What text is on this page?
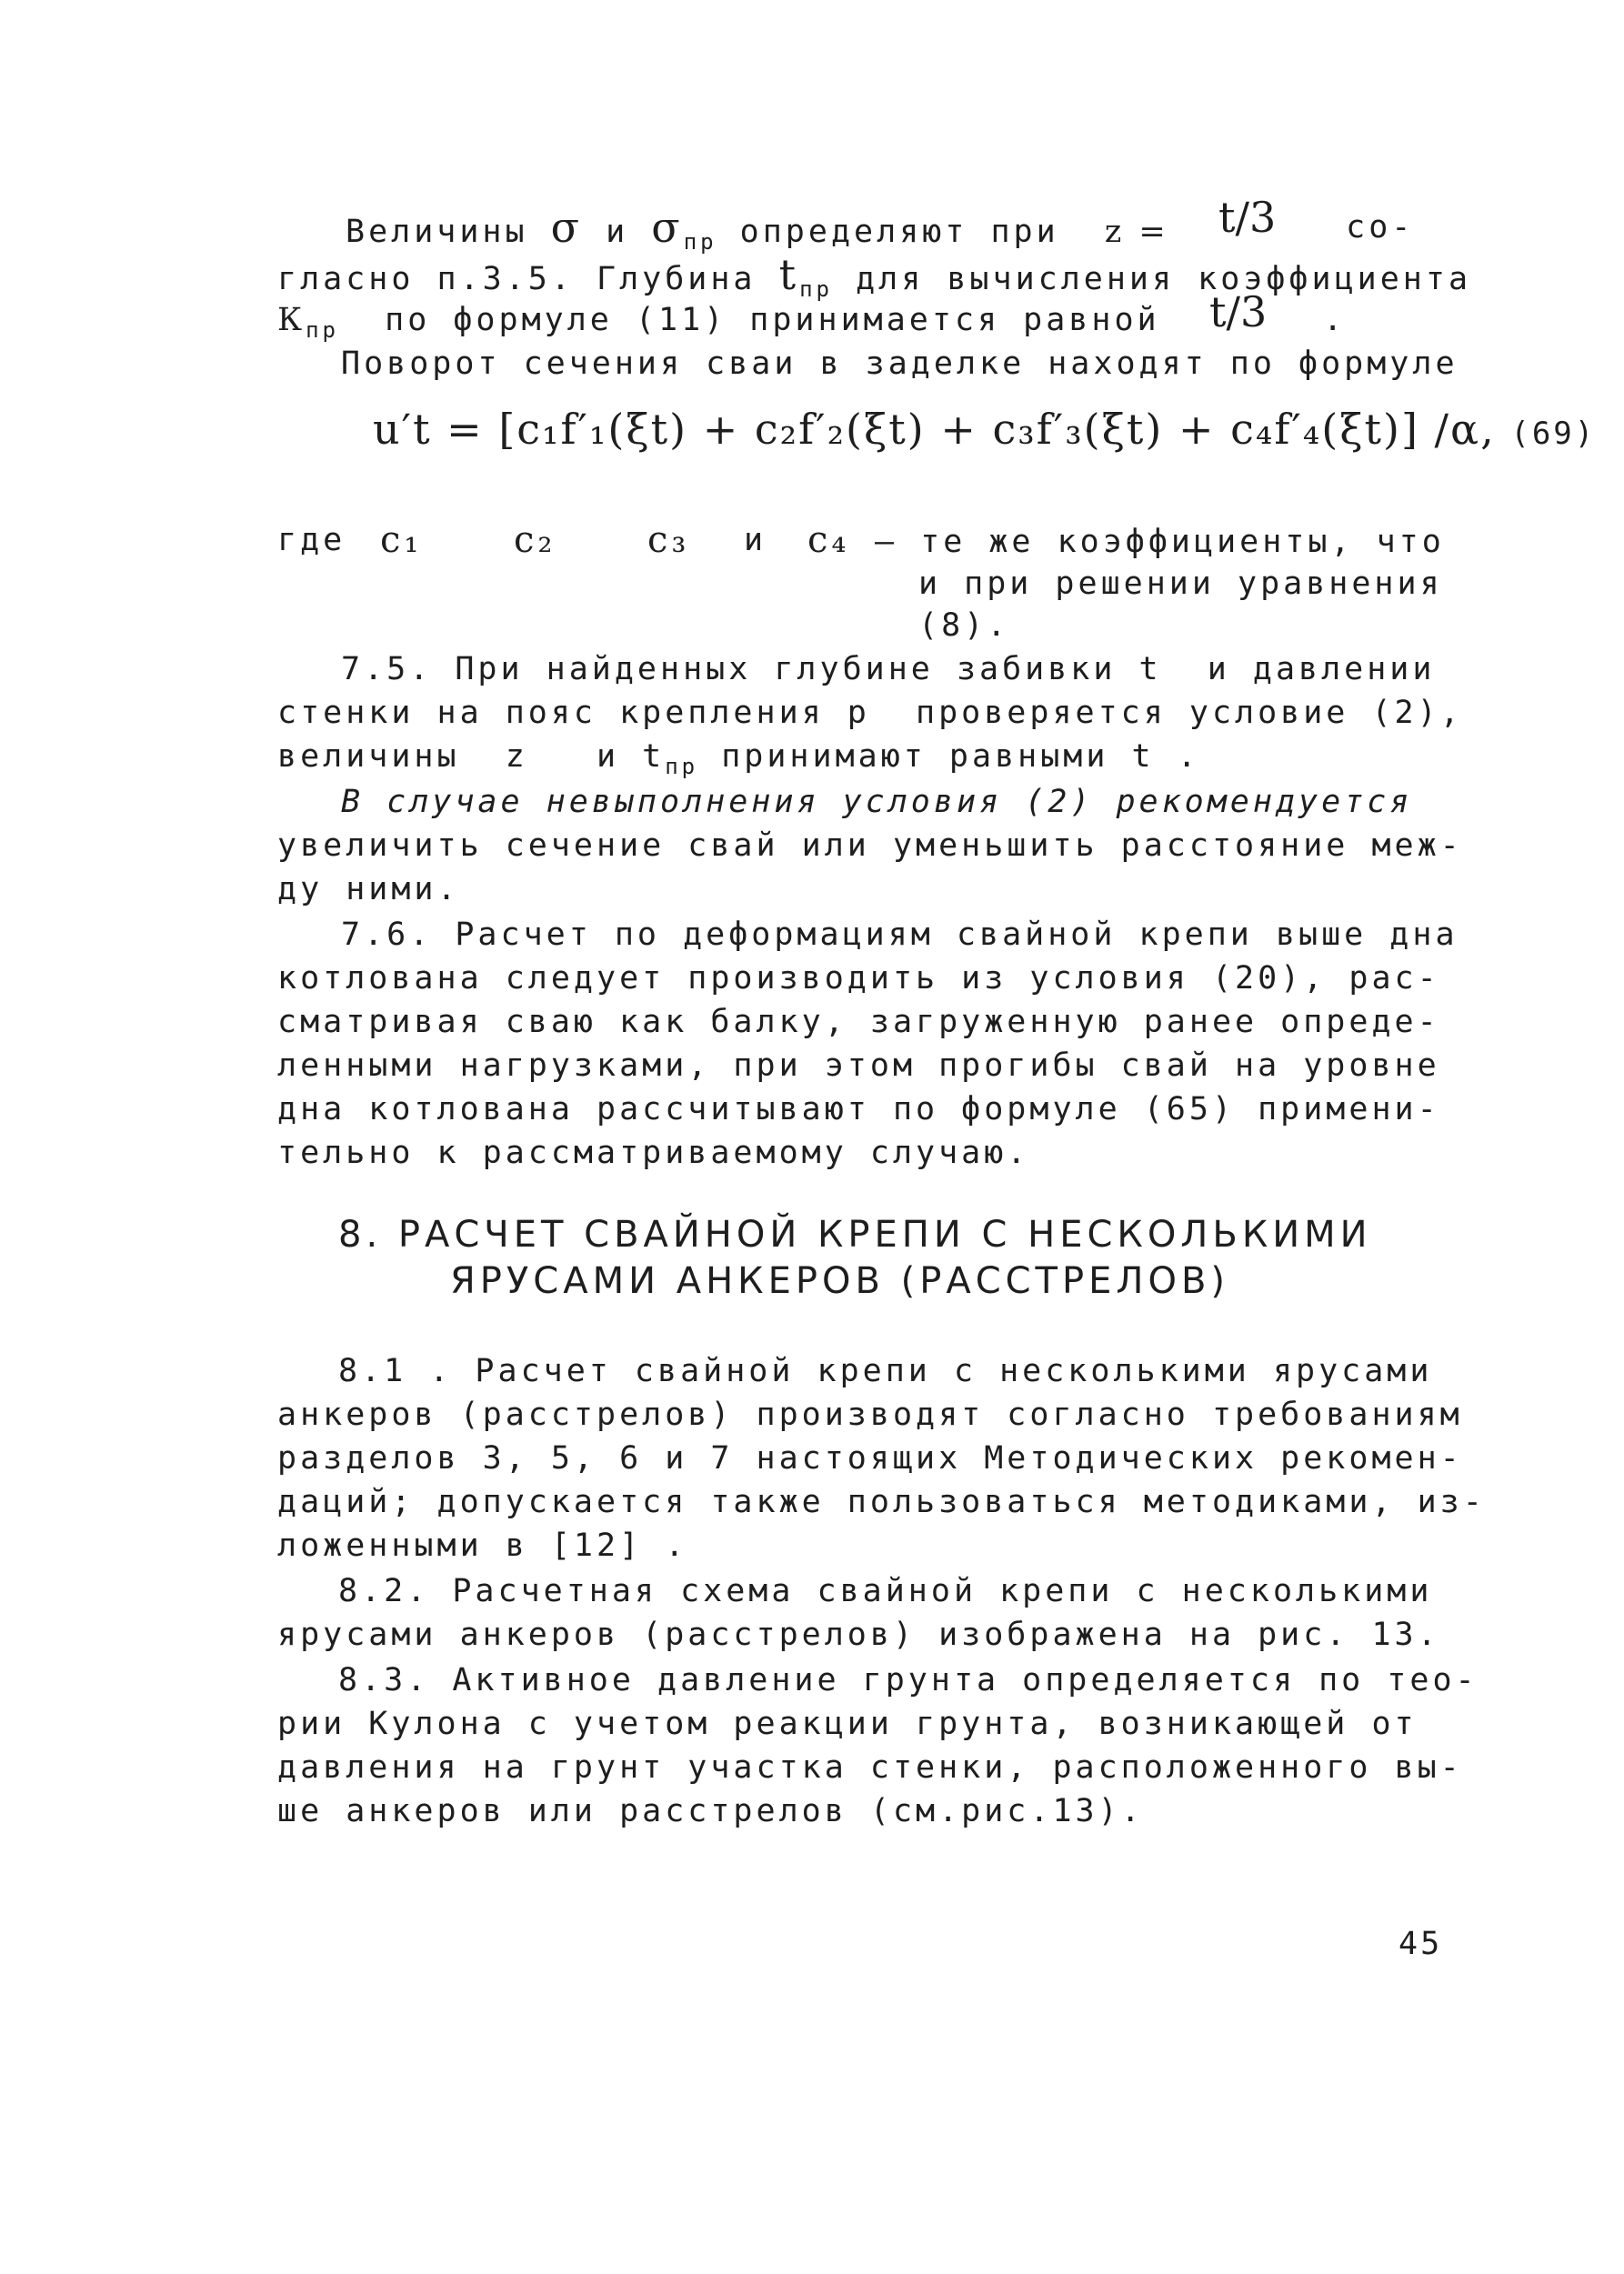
Величины σ и $\sigma_{пр}$ определяют при  z = t/3 со-
гласно п.3.5. Глубина $t_{пр}$ для вычисления коэффициента
$К_{пр}$  по формуле (11) принимается равной t/3 .
Поворот сечения сваи в заделке находят по формуле
u′t = [c₁f′₁(ξt) + c₂f′₂(ξt) + c₃f′₃(ξt) + c₄f′₄(ξt)] /α, (69)
где c₁	c₂	c₃ и c₄ – те же коэффициенты, что
и при решении уравнения
(8).
7.5. При найденных глубине забивки t  и давлении
стенки на пояс крепления p  проверяется условие (2),
величины  z   и $t_{пр}$ принимают равными t .
В случае невыполнения условия (2) рекомендуется
увеличить сечение свай или уменьшить расстояние меж-
ду ними.
7.6. Расчет по деформациям свайной крепи выше дна
котлована следует производить из условия (20), рас-
сматривая сваю как балку, загруженную ранее опреде-
ленными нагрузками, при этом прогибы свай на уровне
дна котлована рассчитывают по формуле (65) примени-
тельно к рассматриваемому случаю.
8. РАСЧЕТ СВАЙНОЙ КРЕПИ С НЕСКОЛЬКИМИ
ЯРУСАМИ АНКЕРОВ (РАССТРЕЛОВ)
8.1 . Расчет свайной крепи с несколькими ярусами
анкеров (расстрелов) производят согласно требованиям
разделов 3, 5, 6 и 7 настоящих Методических рекомен-
даций; допускается также пользоваться методиками, из-
ложенными в [12] .
8.2. Расчетная схема свайной крепи с несколькими
ярусами анкеров (расстрелов) изображена на рис. 13.
8.3. Активное давление грунта определяется по тео-
рии Кулона с учетом реакции грунта, возникающей от
давления на грунт участка стенки, расположенного вы-
ше анкеров или расстрелов (см.рис.13).
45
